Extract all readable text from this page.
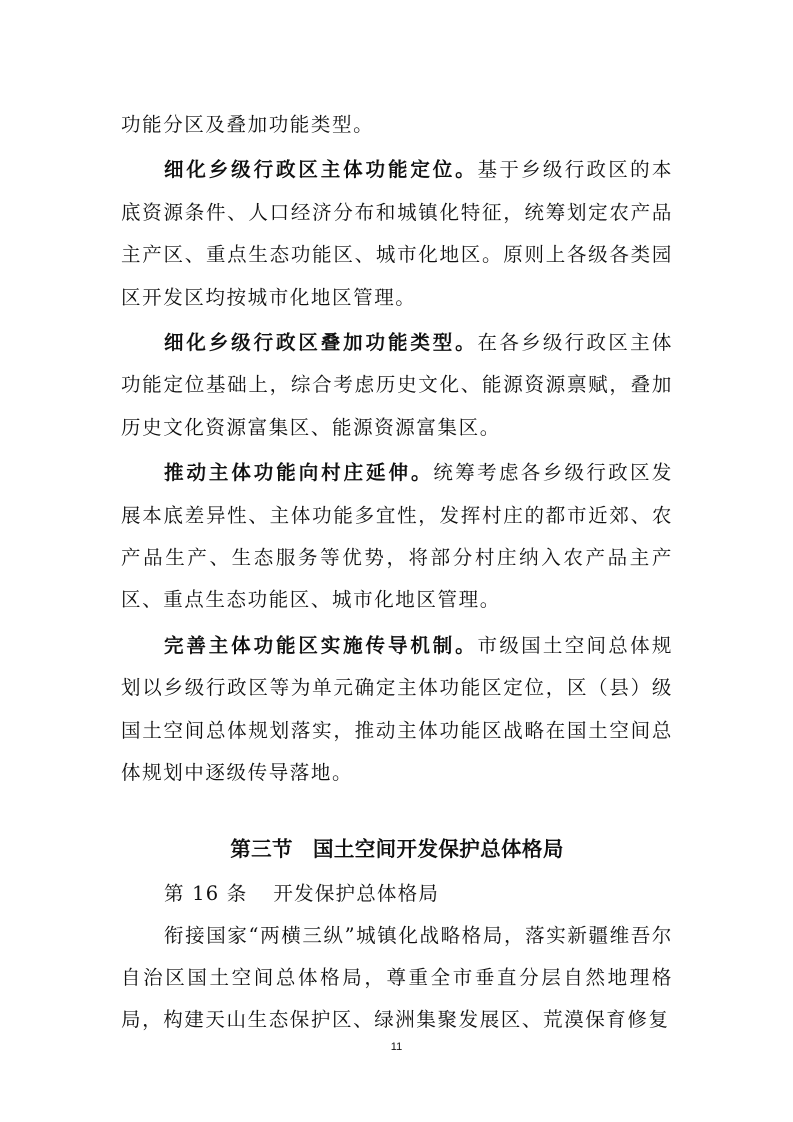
功能分区及叠加功能类型。

细化乡级行政区主体功能定位。基于乡级行政区的本底资源条件、人口经济分布和城镇化特征，统筹划定农产品主产区、重点生态功能区、城市化地区。原则上各级各类园区开发区均按城市化地区管理。

细化乡级行政区叠加功能类型。在各乡级行政区主体功能定位基础上，综合考虑历史文化、能源资源禀赋，叠加历史文化资源富集区、能源资源富集区。

推动主体功能向村庄延伸。统筹考虑各乡级行政区发展本底差异性、主体功能多宜性，发挥村庄的都市近郊、农产品生产、生态服务等优势，将部分村庄纳入农产品主产区、重点生态功能区、城市化地区管理。

完善主体功能区实施传导机制。市级国土空间总体规划以乡级行政区等为单元确定主体功能区定位，区（县）级国土空间总体规划落实，推动主体功能区战略在国土空间总体规划中逐级传导落地。

第三节 国土空间开发保护总体格局
第 16 条 开发保护总体格局

衔接国家“两横三纵”城镇化战略格局，落实新疆维吾尔自治区国土空间总体格局，尊重全市垂直分层自然地理格局，构建天山生态保护区、绿洲集聚发展区、荒漠保育修复

11
